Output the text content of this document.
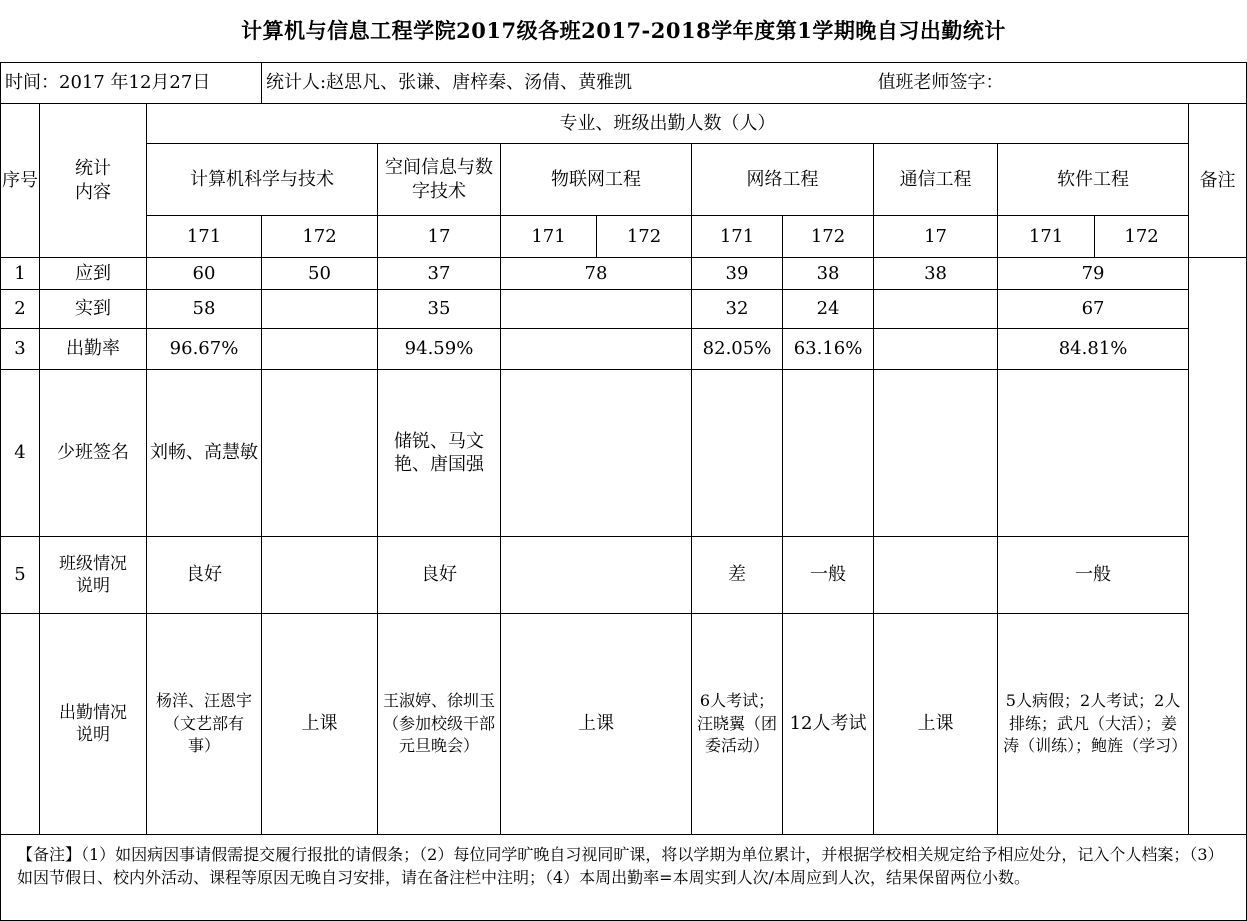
计算机与信息工程学院2017级各班2017-2018学年度第1学期晚自习出勤统计
时间：2017 年12月27日			统计人:赵思凡、张谦、唐梓秦、汤倩、黄雅凯						值班老师签字：			
序号	统计内容	专业、班级出勤人数（人）										备注
		计算机科学与技术		空间信息与数字技术	物联网工程		网络工程		通信工程	软件工程		
		171	172	17	171	172	171	172	17	171	172	
1	应到	60	50	37	78		39	38	38	79		
2	实到	58		35			32	24		67		
3	出勤率	96.67%		94.59%			82.05%	63.16%		84.81%		
4	少班签名	刘畅、高慧敏		储锐、马文艳、唐国强								
5	班级情况说明	良好		良好			差	一般		一般		
	出勤情况说明	杨洋、汪恩宇（文艺部有事）	上课	王淑婷、徐圳玉（参加校级干部元旦晚会）	上课		6人考试；汪晓翼（团委活动）	12人考试	上课	5人病假；2人考试；2人排练；武凡（大活）；姜涛（训练）；鲍旌（学习）		
【备注】（1）如因病因事请假需提交履行报批的请假条；（2）每位同学旷晚自习视同旷课，将以学期为单位累计，并根据学校相关规定给予相应处分，记入个人档案；（3）如因节假日、校内外活动、课程等原因无晚自习安排，请在备注栏中注明；（4）本周出勤率=本周实到人次/本周应到人次，结果保留两位小数。												
